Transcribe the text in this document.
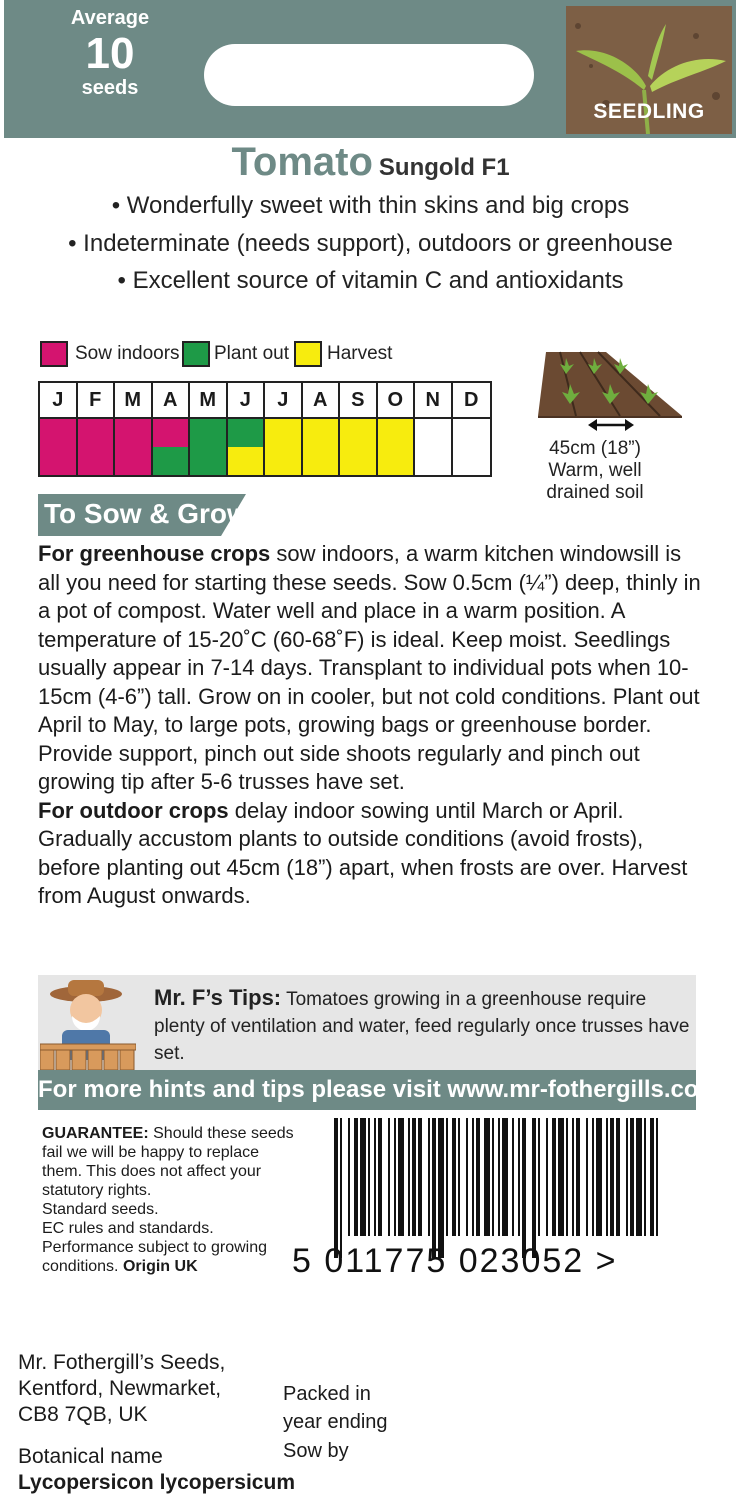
Average
10
seeds
SEEDLING
Tomato Sungold F1
• Wonderfully sweet with thin skins and big crops
• Indeterminate (needs support), outdoors or greenhouse
• Excellent source of vitamin C and antioxidants
Sow indoors Plant out Harvest
J	F	M	A	M	J	J	A	S	O	N	D
45cm (18”)
Warm, well
drained soil
To Sow & Grow
For greenhouse crops sow indoors, a warm kitchen windowsill is all you need for starting these seeds. Sow 0.5cm (¼”) deep, thinly in a pot of compost. Water well and place in a warm position. A temperature of 15-20˚C (60-68˚F) is ideal. Keep moist. Seedlings usually appear in 7-14 days. Transplant to individual pots when 10-15cm (4-6”) tall. Grow on in cooler, but not cold conditions. Plant out April to May, to large pots, growing bags or greenhouse border. Provide support, pinch out side shoots regularly and pinch out growing tip after 5-6 trusses have set.
For outdoor crops delay indoor sowing until March or April. Gradually accustom plants to outside conditions (avoid frosts), before planting out 45cm (18”) apart, when frosts are over. Harvest from August onwards.
Mr. F’s Tips: Tomatoes growing in a greenhouse require plenty of ventilation and water, feed regularly once trusses have set.
For more hints and tips please visit www.mr-fothergills.co.uk

GUARANTEE: Should these seeds fail we will be happy to replace them. This does not affect your statutory rights.

Standard seeds.

EC rules and standards.

Performance subject to growing conditions. Origin UK	5 011775 023052 >
Mr. Fothergill’s Seeds,
Kentford, Newmarket,
CB8 7QB, UK
Packed in
year ending
Sow by
Botanical name
Lycopersicon lycopersicum
